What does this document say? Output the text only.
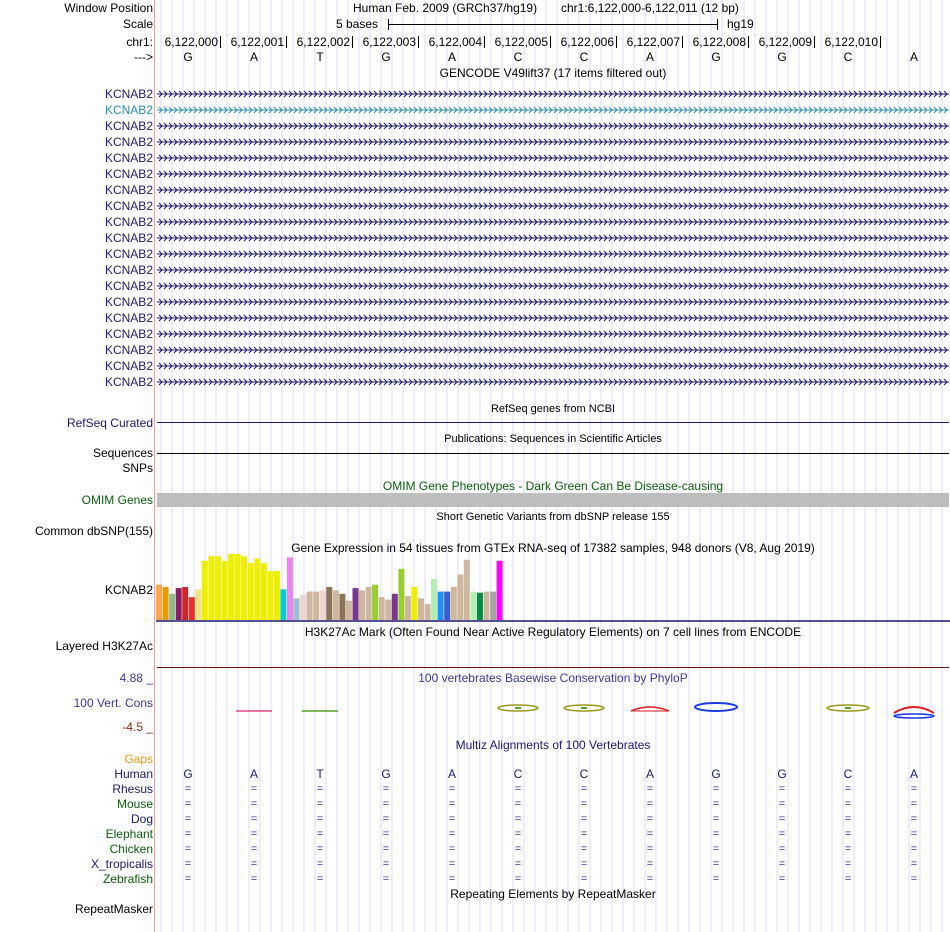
Window Position	Human Feb. 2009 (GRCh37/hg19) chr1:6,122,000-6,122,011 (12 bp)
Scale	5 bases	hg19
chr1: 6,122,000	6,122,001	6,122,002	6,122,003	6,122,004	6,122,005	6,122,006	6,122,007	6,122,008	6,122,009	6,122,010
--->	G	A	T	G	A	C	C	A	G	G	C	A
GENCODE V49lift37 (17 items filtered out)
KCNAB2
KCNAB2
KCNAB2
KCNAB2
KCNAB2
KCNAB2
KCNAB2
KCNAB2
KCNAB2
KCNAB2
KCNAB2
KCNAB2
KCNAB2
KCNAB2
KCNAB2
KCNAB2
KCNAB2
KCNAB2
KCNAB2
RefSeq genes from NCBI
RefSeq Curated
Publications: Sequences in Scientific Articles
Sequences
SNPs
OMIM Gene Phenotypes - Dark Green Can Be Disease-causing
OMIM Genes
Short Genetic Variants from dbSNP release 155
Common dbSNP(155)
Gene Expression in 54 tissues from GTEx RNA-seq of 17382 samples, 948 donors (V8, Aug 2019)
KCNAB2
H3K27Ac Mark (Often Found Near Active Regulatory Elements) on 7 cell lines from ENCODE
Layered H3K27Ac
100 vertebrates Basewise Conservation by PhyloP
4.88 _
100 Vert. Cons
-4.5 _
Multiz Alignments of 100 Vertebrates
Gaps
Human	G	A	T	G	A	C	C	A	G	G	C	A
Rhesus	=	=	=	=	=	=	=	=	=	=	=	=
Mouse	=	=	=	=	=	=	=	=	=	=	=	=
Dog	=	=	=	=	=	=	=	=	=	=	=	=
Elephant	=	=	=	=	=	=	=	=	=	=	=	=
Chicken	=	=	=	=	=	=	=	=	=	=	=	=
X_tropicalis	=	=	=	=	=	=	=	=	=	=	=	=
Zebrafish	=	=	=	=	=	=	=	=	=	=	=	=
Repeating Elements by RepeatMasker
RepeatMasker
